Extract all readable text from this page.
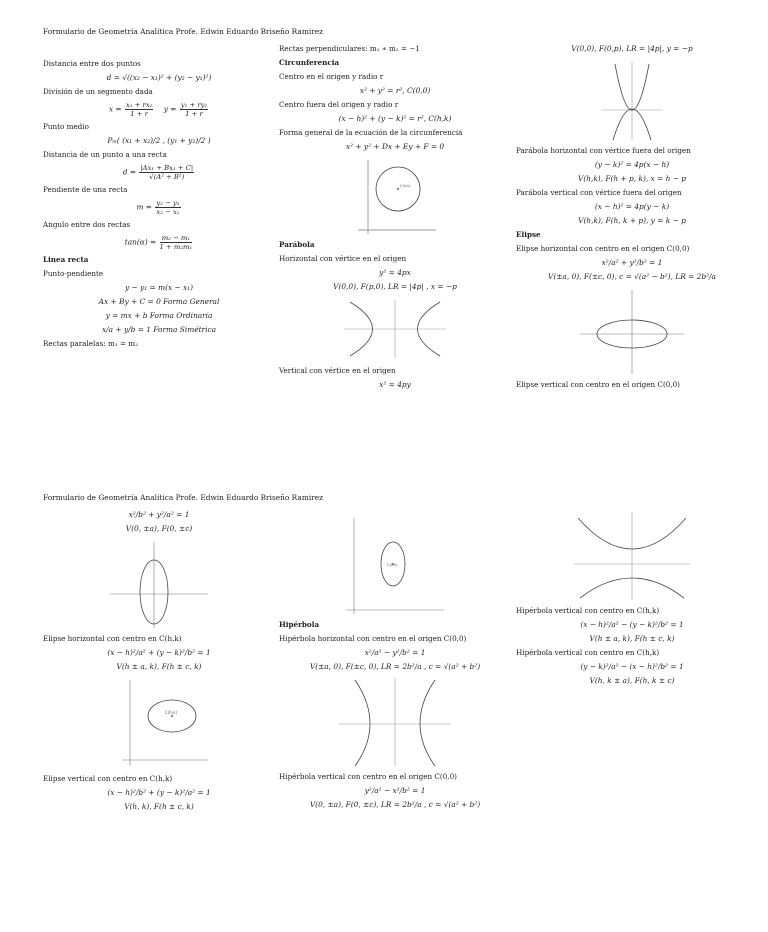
Formulario de Geometría Analítica Profe. Edwin Eduardo Briseño Ramirez
Distancia entre dos puntos
d = √((x₂ − x₁)² + (y₂ − y₁)²)
División de un segmento dada
$x = \frac{\text{x₁ + rx₂}}{1 + r}$ $y = \frac{\text{y₁ + ry₂}}{1 + r}$
Punto medio
Pₘ( (x₁ + x₂)/2 , (y₁ + y₂)/2 )
Distancia de un punto a una recta
$d = \frac{\text{|Ax₁ + Bx₁ + C|}}{\text{√(A² + B²)}}$
Pendiente de una recta
$m = \frac{\text{y₂ − y₁}}{\text{x₂ − x₁}}$
Angulo entre dos rectas
$\tan(\alpha) = \frac{\text{m₂ − m₁}}{\text{1 + m₂m₁}}$
Linea recta
Punto-pendiente
y − y₁ = m(x − x₁)
Ax + By + C = 0 Forma General
y = mx + b Forma Ordinaria
x/a + y/b = 1 Forma Simétrica
Rectas paralelas: m₁ = m₂
Rectas perpendiculares: m₁ ∗ m₂ = −1
Circunferencia
Centro en el origen y radio r
x² + y² = r², C(0,0)
Centro fuera del origen y radio r
(x − h)² + (y − k)² = r², C(h,k)
Forma general de la ecuación de la circunferencia
x² + y² + Dx + Ey + F = 0
C(h,k)
Parábola
Horizontal con vértice en el origen
y² = 4px
V(0,0), F(p,0), LR = |4p| , x = −p
Vertical con vértice en el origen
x² = 4py
V(0,0), F(0,p), LR = |4p|, y = −p
Parábola horizontal con vértice fuera del origen
(y − k)² = 4p(x − h)
V(h,k), F(h + p, k), x = h − p
Parábola vertical con vértice fuera del origen
(x − h)² = 4p(y − k)
V(h,k), F(h, k + p), y = k − p
Elipse
Elipse horizontal con centro en el origen C(0,0)
x²/a² + y²/b² = 1
V(±a, 0), F(±c, 0), c = √(a² − b²), LR = 2b²/a
Elipse vertical con centro en el origen C(0,0)
Formulario de Geometría Analítica Profe. Edwin Eduardo Briseño Ramirez
x²/b² + y²/a² = 1
V(0, ±a), F(0, ±c)
Elipse horizontal con centro en C(h,k)
(x − h)²/a² + (y − k)²/b² = 1
V(h ± a, k), F(h ± c, k)
C(h,k)
Elipse vertical con centro en C(h,k)
(x − h)²/b² + (y − k)²/a² = 1
V(h, k), F(h ± c, k)
C(h,k)
Hipérbola
Hipérbola horizontal con centro en el origen C(0,0)
x²/a² − y²/b² = 1
V(±a, 0), F(±c, 0), LR = 2b²/a , c = √(a² + b²)
Hipérbola vertical con centro en el origen C(0,0)
y²/a² − x²/b² = 1
V(0, ±a), F(0, ±c), LR = 2b²/a , c = √(a² + b²)
Hipérbola vertical con centro en C(h,k)
(x − h)²/a² − (y − k)²/b² = 1
V(h ± a, k), F(h ± c, k)
Hipérbola vertical con centro en C(h,k)
(y − k)²/a² − (x − h)²/b² = 1
V(h, k ± a), F(h, k ± c)
